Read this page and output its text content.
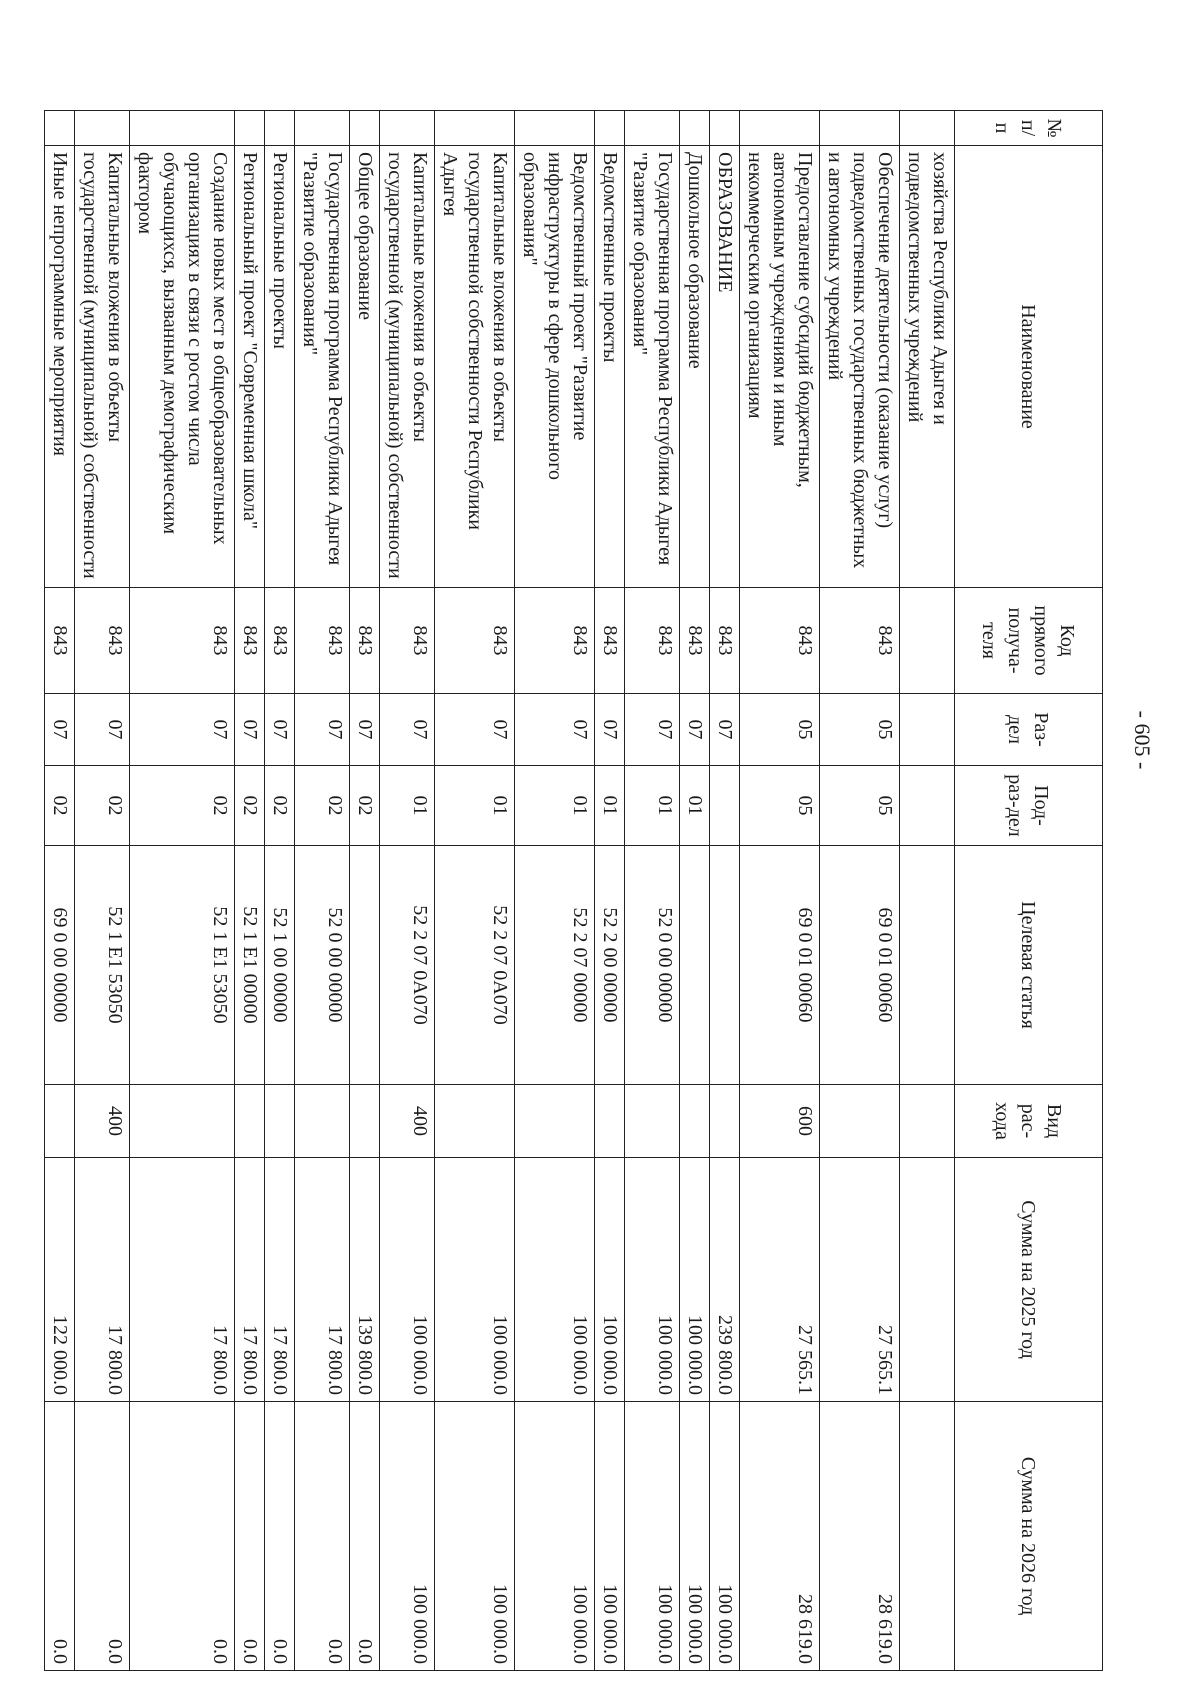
- 605 -
№ п/п	Наименование	Код прямого получа-теля	Раз-дел	Под-раз-дел	Целевая статья	Вид рас-хода	Сумма на 2025 год	Сумма на 2026 год
	хозяйства Республики Адыгея и подведомственных учреждений							
	Обеспечение деятельности (оказание услуг) подведомственных государственных бюджетных и автономных учреждений	843	05	05	69 0 01 00060		27 565.1	28 619.0
	Предоставление субсидий бюджетным, автономным учреждениям и иным некоммерческим организациям	843	05	05	69 0 01 00060	600	27 565.1	28 619.0
	ОБРАЗОВАНИЕ	843	07				239 800.0	100 000.0
	Дошкольное образование	843	07	01			100 000.0	100 000.0
	Государственная программа Республики Адыгея "Развитие образования"	843	07	01	52 0 00 00000		100 000.0	100 000.0
	Ведомственные проекты	843	07	01	52 2 00 00000		100 000.0	100 000.0
	Ведомственный проект "Развитие инфраструктуры в сфере дошкольного образования"	843	07	01	52 2 07 00000		100 000.0	100 000.0
	Капитальные вложения в объекты государственной собственности Республики Адыгея	843	07	01	52 2 07 0А070		100 000.0	100 000.0
	Капитальные вложения в объекты государственной (муниципальной) собственности	843	07	01	52 2 07 0А070	400	100 000.0	100 000.0
	Общее образование	843	07	02			139 800.0	0.0
	Государственная программа Республики Адыгея "Развитие образования"	843	07	02	52 0 00 00000		17 800.0	0.0
	Региональные проекты	843	07	02	52 1 00 00000		17 800.0	0.0
	Региональный проект "Современная школа"	843	07	02	52 1 Е1 00000		17 800.0	0.0
	Создание новых мест в общеобразовательных организациях в связи с ростом числа обучающихся, вызванным демографическим фактором	843	07	02	52 1 Е1 53050		17 800.0	0.0
	Капитальные вложения в объекты государственной (муниципальной) собственности	843	07	02	52 1 Е1 53050	400	17 800.0	0.0
	Иные непрограммные мероприятия	843	07	02	69 0 00 00000		122 000.0	0.0
